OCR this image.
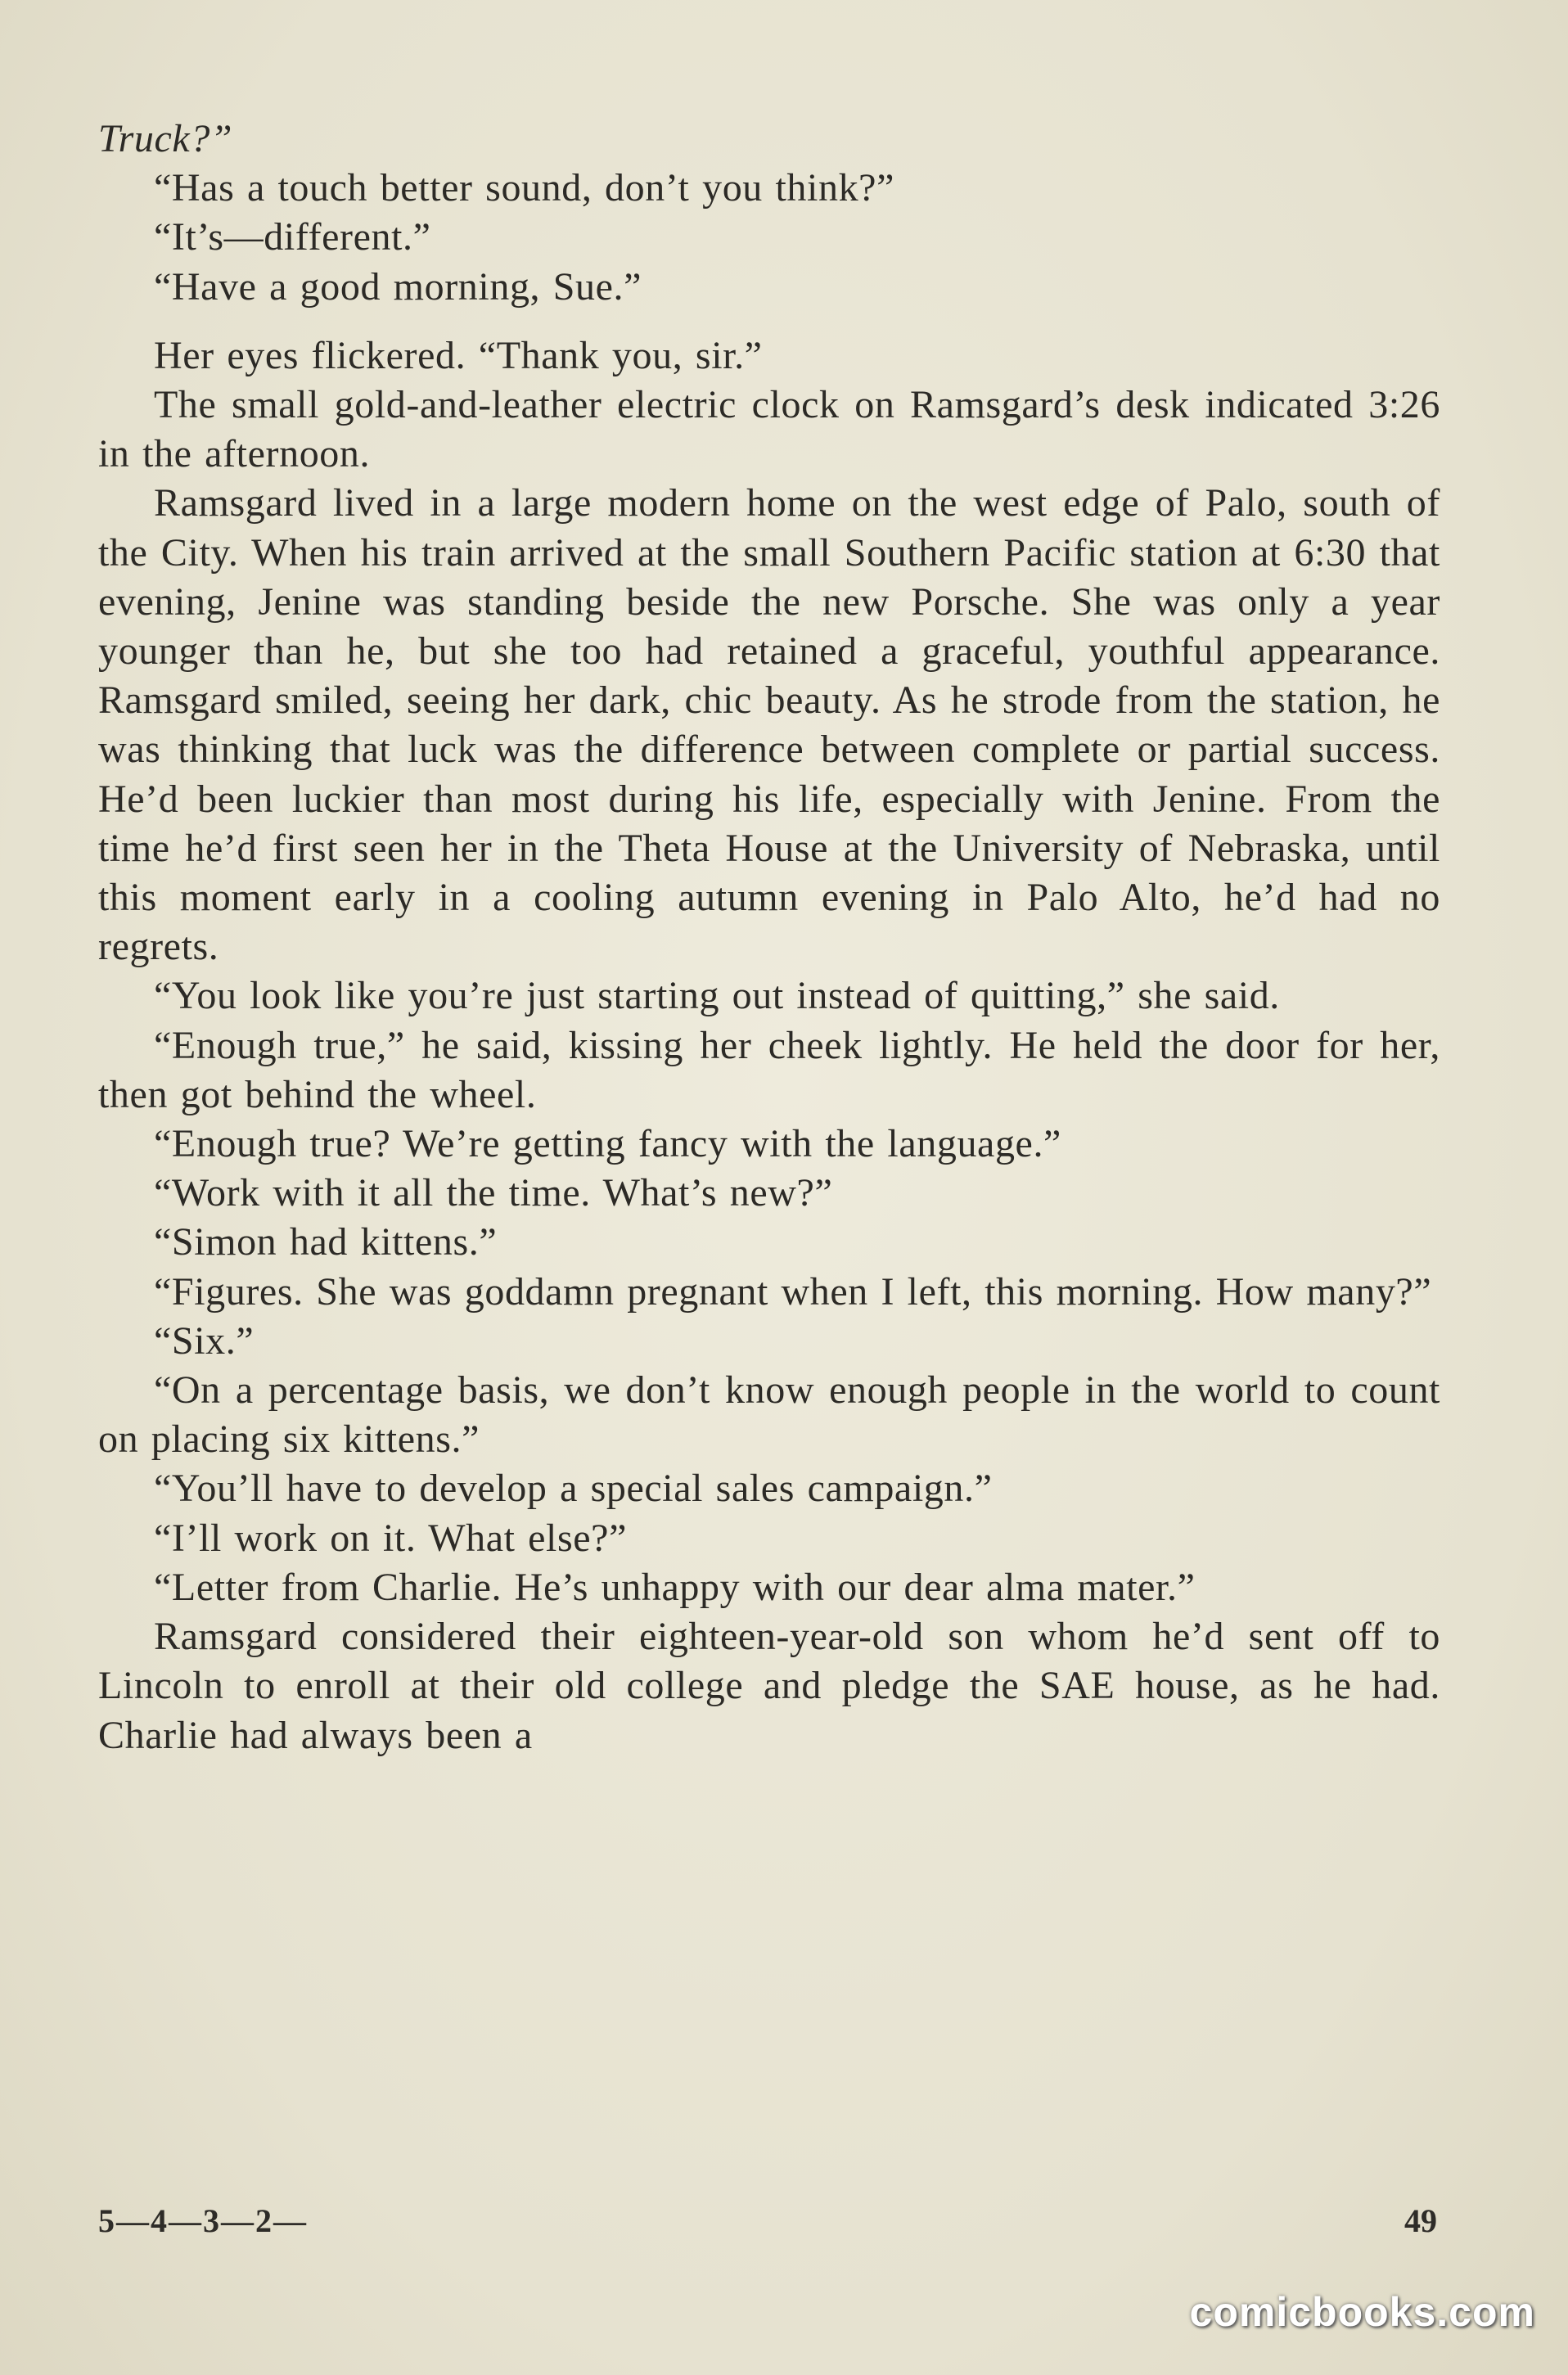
Truck?”

“Has a touch better sound, don’t you think?”

“It’s—different.”

“Have a good morning, Sue.”

Her eyes flickered. “Thank you, sir.”

The small gold-and-leather electric clock on Ramsgard’s desk indicated 3:26 in the afternoon.

Ramsgard lived in a large modern home on the west edge of Palo, south of the City. When his train arrived at the small Southern Pacific station at 6:30 that evening, Jenine was standing beside the new Porsche. She was only a year younger than he, but she too had retained a graceful, youthful appearance. Ramsgard smiled, seeing her dark, chic beauty. As he strode from the station, he was thinking that luck was the difference between complete or partial success. He’d been luckier than most during his life, especially with Jenine. From the time he’d first seen her in the Theta House at the University of Nebraska, until this moment early in a cooling autumn evening in Palo Alto, he’d had no regrets.

“You look like you’re just starting out instead of quitting,” she said.

“Enough true,” he said, kissing her cheek lightly. He held the door for her, then got behind the wheel.

“Enough true? We’re getting fancy with the language.”

“Work with it all the time. What’s new?”

“Simon had kittens.”

“Figures. She was goddamn pregnant when I left, this morning. How many?”

“Six.”

“On a percentage basis, we don’t know enough people in the world to count on placing six kittens.”

“You’ll have to develop a special sales campaign.”

“I’ll work on it. What else?”

“Letter from Charlie. He’s unhappy with our dear alma mater.”

Ramsgard considered their eighteen-year-old son whom he’d sent off to Lincoln to enroll at their old college and pledge the SAE house, as he had. Charlie had always been a

5—4—3—2—	49
comicbooks.com
